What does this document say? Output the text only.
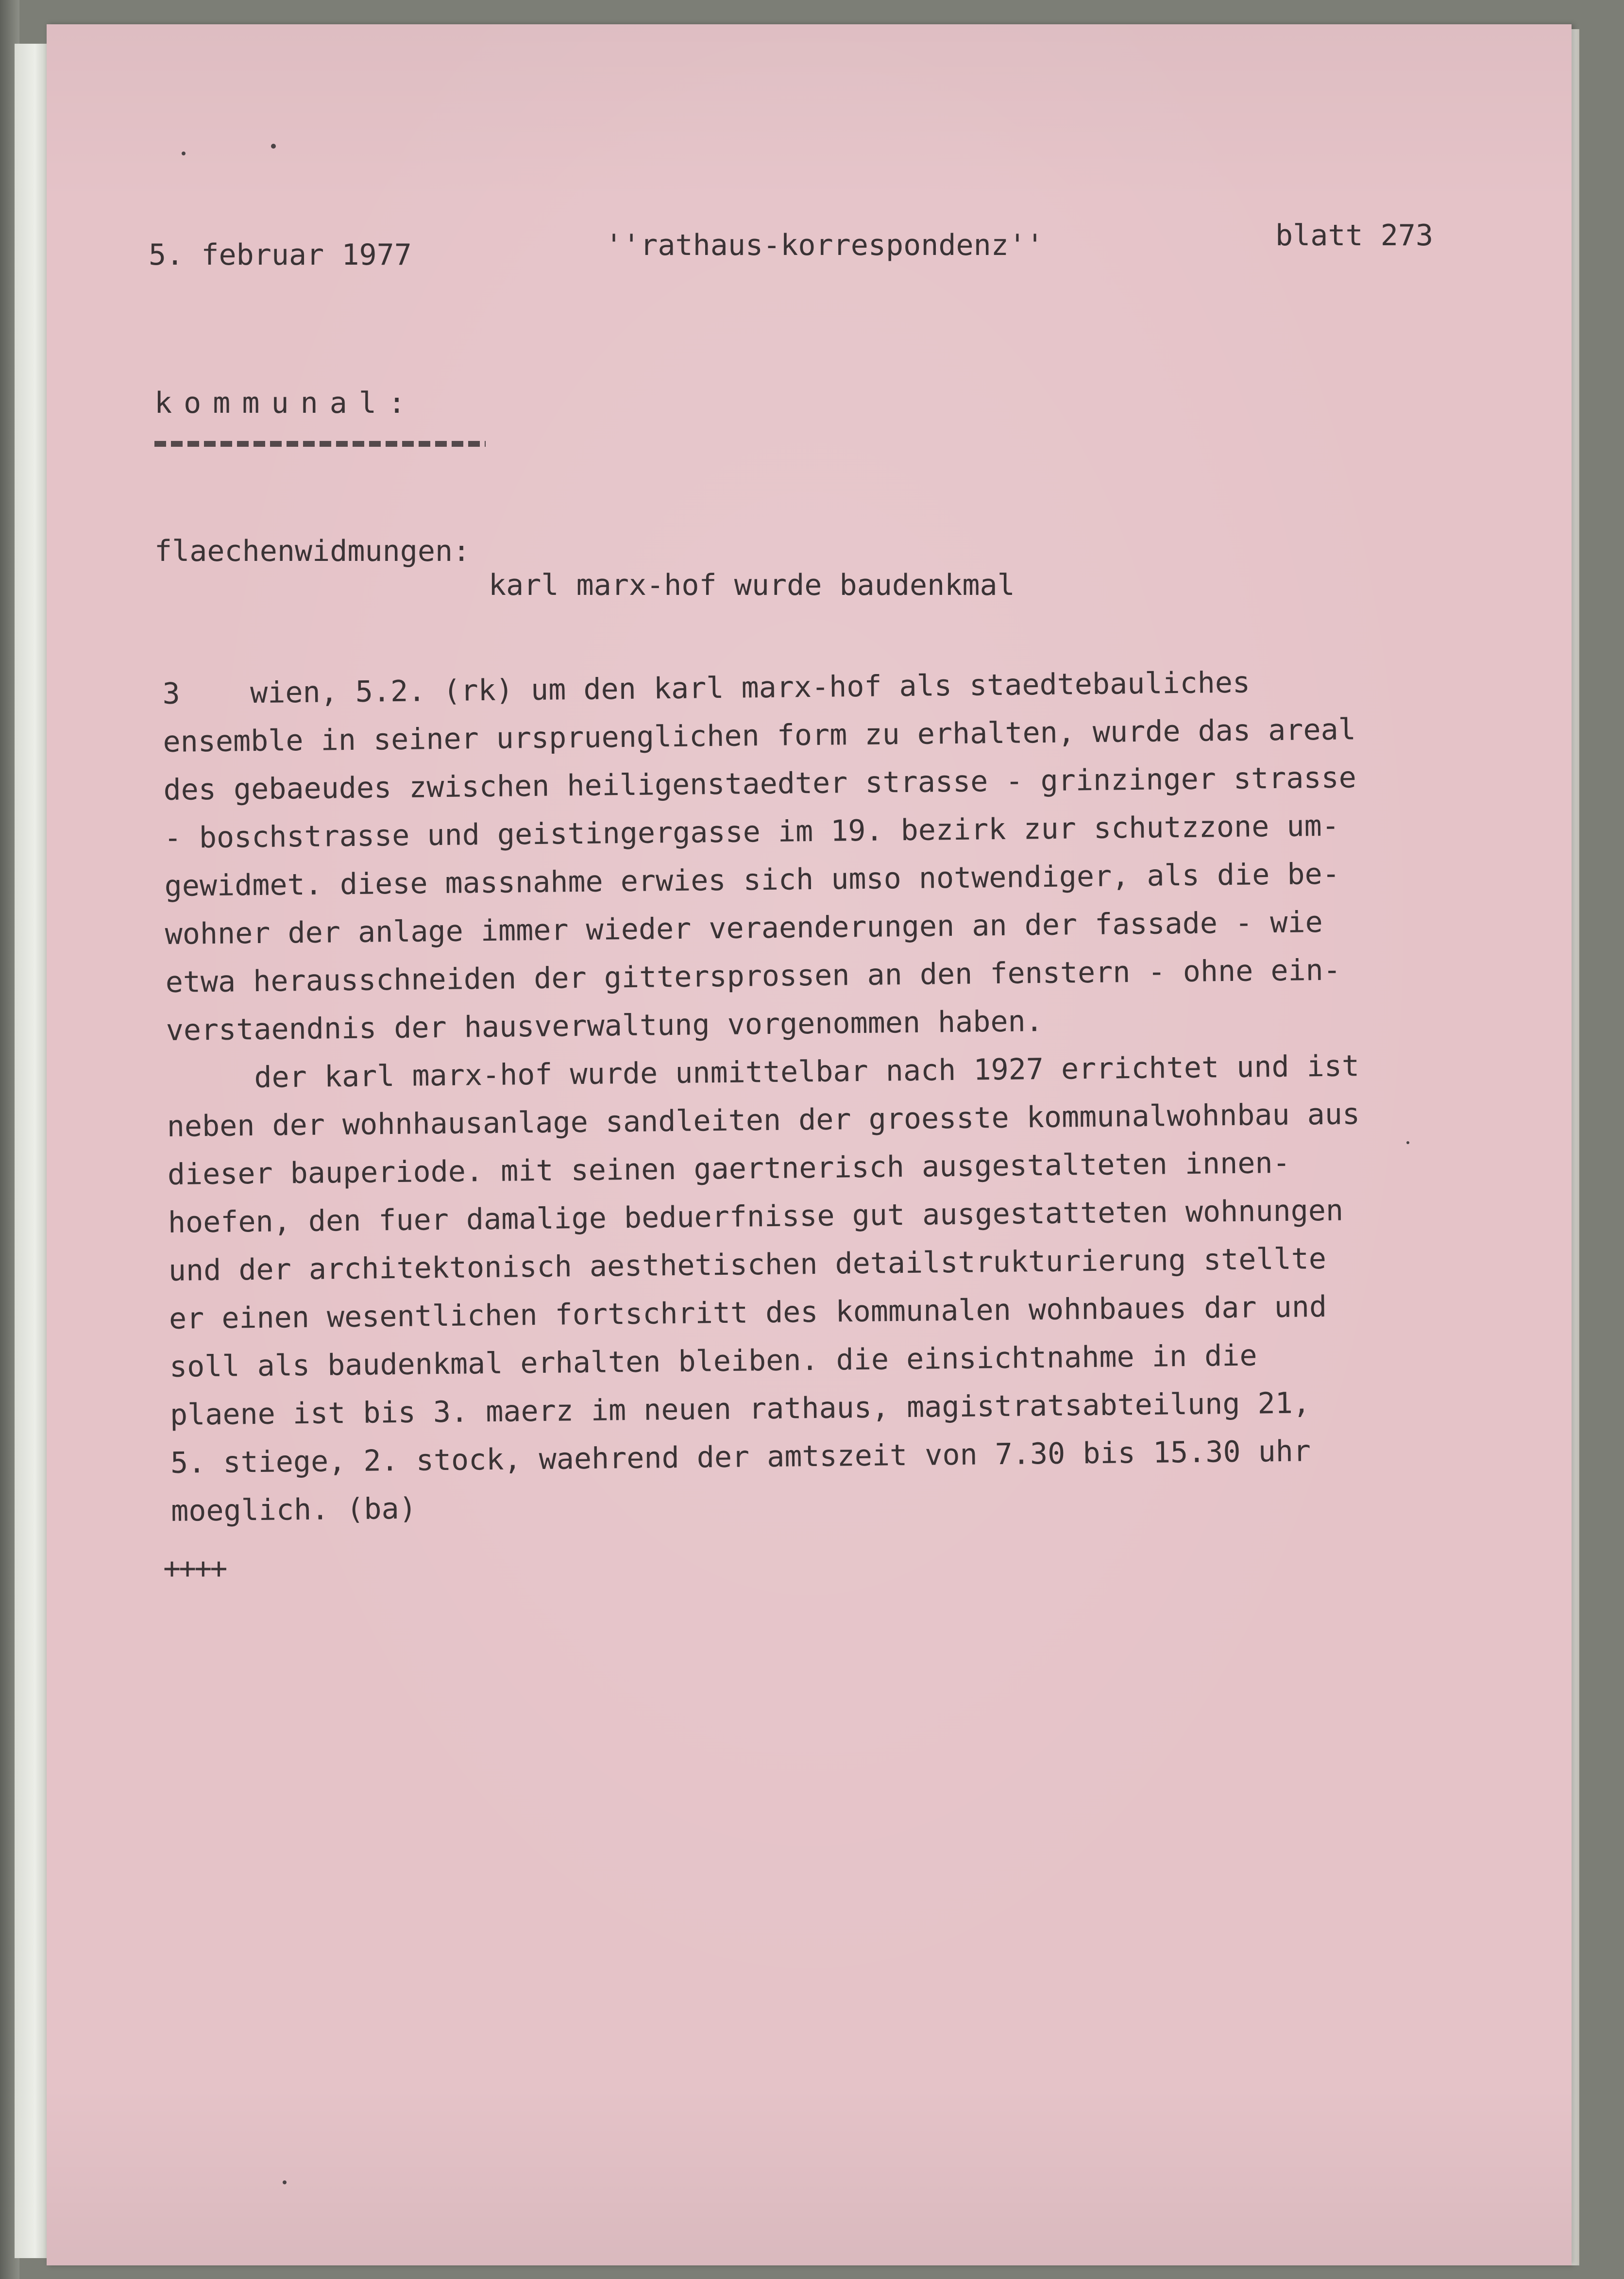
5. februar 1977	''rathaus-korrespondenz''	blatt 273
kommunal:
flaechenwidmungen:
karl marx-hof wurde baudenkmal
3    wien, 5.2. (rk) um den karl marx-hof als staedtebauliches
ensemble in seiner urspruenglichen form zu erhalten, wurde das areal
des gebaeudes zwischen heiligenstaedter strasse - grinzinger strasse
- boschstrasse und geistingergasse im 19. bezirk zur schutzzone um-
gewidmet. diese massnahme erwies sich umso notwendiger, als die be-
wohner der anlage immer wieder veraenderungen an der fassade - wie
etwa herausschneiden der gittersprossen an den fenstern - ohne ein-
verstaendnis der hausverwaltung vorgenommen haben.
der karl marx-hof wurde unmittelbar nach 1927 errichtet und ist
neben der wohnhausanlage sandleiten der groesste kommunalwohnbau aus
dieser bauperiode. mit seinen gaertnerisch ausgestalteten innen-
hoefen, den fuer damalige beduerfnisse gut ausgestatteten wohnungen
und der architektonisch aesthetischen detailstrukturierung stellte
er einen wesentlichen fortschritt des kommunalen wohnbaues dar und
soll als baudenkmal erhalten bleiben. die einsichtnahme in die
plaene ist bis 3. maerz im neuen rathaus, magistratsabteilung 21,
5. stiege, 2. stock, waehrend der amtszeit von 7.30 bis 15.30 uhr
moeglich. (ba)
++++
